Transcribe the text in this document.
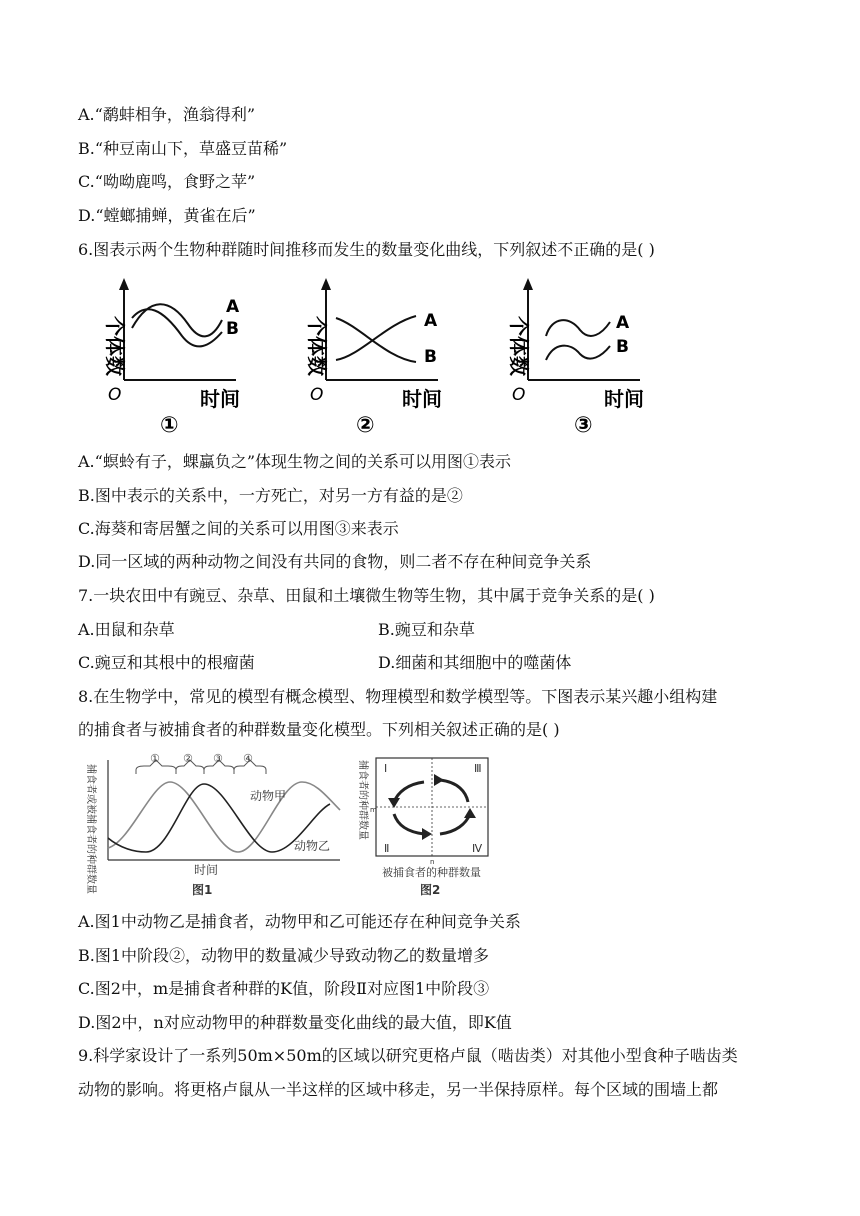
A.“鹬蚌相争，渔翁得利”
B.“种豆南山下，草盛豆苗稀”
C.“呦呦鹿鸣，食野之苹”
D.“螳螂捕蝉，黄雀在后”
6.图表示两个生物种群随时间推移而发生的数量变化曲线，下列叙述不正确的是( )
个体数
A
B
O	时间
①
个体数	A
B
O	时间
②
个体数	A
B
O	时间
③
A.“螟蛉有子，蜾蠃负之”体现生物之间的关系可以用图①表示
B.图中表示的关系中，一方死亡，对另一方有益的是②
C.海葵和寄居蟹之间的关系可以用图③来表示
D.同一区域的两种动物之间没有共同的食物，则二者不存在种间竞争关系
7.一块农田中有豌豆、杂草、田鼠和土壤微生物等生物，其中属于竞争关系的是( )
A.田鼠和杂草	B.豌豆和杂草
C.豌豆和其根中的根瘤菌	D.细菌和其细胞中的噬菌体
8.在生物学中，常见的模型有概念模型、物理模型和数学模型等。下图表示某兴趣小组构建
的捕食者与被捕食者的种群数量变化模型。下列相关叙述正确的是( )
① ② ③ ④
捕食者或被捕食者的种群数量	动物甲
动物乙
时间
图1
Ⅰ
Ⅱ
Ⅲ
Ⅳ
捕食者的种群数量 m
n
被捕食者的种群数量
图2
A.图1中动物乙是捕食者，动物甲和乙可能还存在种间竞争关系
B.图1中阶段②，动物甲的数量减少导致动物乙的数量增多
C.图2中，m是捕食者种群的K值，阶段Ⅱ对应图1中阶段③
D.图2中，n对应动物甲的种群数量变化曲线的最大值，即K值
9.科学家设计了一系列50m×50m的区域以研究更格卢鼠（啮齿类）对其他小型食种子啮齿类
动物的影响。将更格卢鼠从一半这样的区域中移走，另一半保持原样。每个区域的围墙上都
